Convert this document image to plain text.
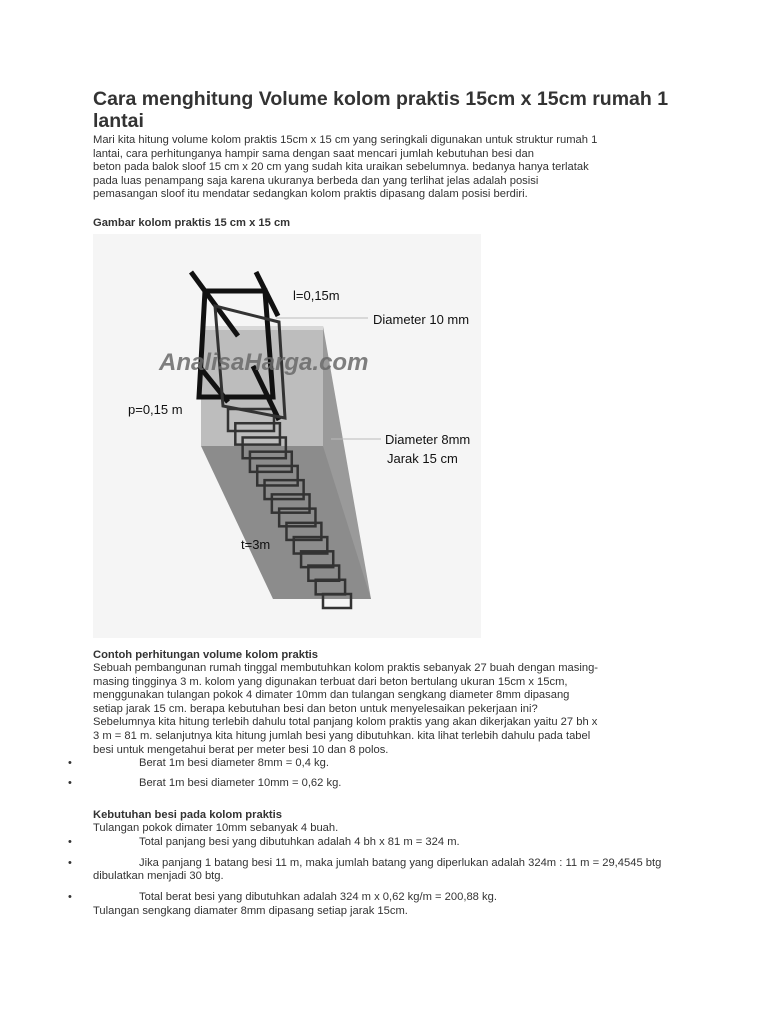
Cara menghitung Volume kolom praktis 15cm x 15cm rumah 1 lantai

Mari kita hitung volume kolom praktis 15cm x 15 cm yang seringkali digunakan untuk struktur rumah 1

lantai, cara perhitunganya hampir sama dengan saat mencari jumlah kebutuhan besi dan

beton pada balok sloof 15 cm x 20 cm yang sudah kita uraikan sebelumnya. bedanya hanya terlatak

pada luas penampang saja karena ukuranya berbeda dan yang terlihat jelas adalah posisi

pemasangan sloof itu mendatar sedangkan kolom praktis dipasang dalam posisi berdiri.

Gambar kolom praktis 15 cm x 15 cm

AnalisaHarga.com
l=0,15m
Diameter 10 mm
p=0,15 m
Diameter 8mm
Jarak 15 cm
t=3m

Contoh perhitungan volume kolom praktis

Sebuah pembangunan rumah tinggal membutuhkan kolom praktis sebanyak 27 buah dengan masing-

masing tingginya 3 m. kolom yang digunakan terbuat dari beton bertulang ukuran 15cm x 15cm,

menggunakan tulangan pokok 4 dimater 10mm dan tulangan sengkang diameter 8mm dipasang

setiap jarak 15 cm. berapa kebutuhan besi dan beton untuk menyelesaikan pekerjaan ini?

Sebelumnya kita hitung terlebih dahulu total panjang kolom praktis yang akan dikerjakan yaitu 27 bh x

3 m = 81 m. selanjutnya kita hitung jumlah besi yang dibutuhkan. kita lihat terlebih dahulu pada tabel

besi untuk mengetahui berat per meter besi 10 dan 8 polos.

•	Berat 1m besi diameter 8mm = 0,4 kg.
•	Berat 1m besi diameter 10mm = 0,62 kg.

Kebutuhan besi pada kolom praktis

Tulangan pokok dimater 10mm sebanyak 4 buah.

•	Total panjang besi yang dibutuhkan adalah 4 bh x 81 m = 324 m.
•	Jika panjang 1 batang besi 11 m, maka jumlah batang yang diperlukan adalah 324m : 11 m = 29,4545 btg dibulatkan menjadi 30 btg.
•	Total berat besi yang dibutuhkan adalah 324 m x 0,62 kg/m = 200,88 kg.

Tulangan sengkang diamater 8mm dipasang setiap jarak 15cm.
